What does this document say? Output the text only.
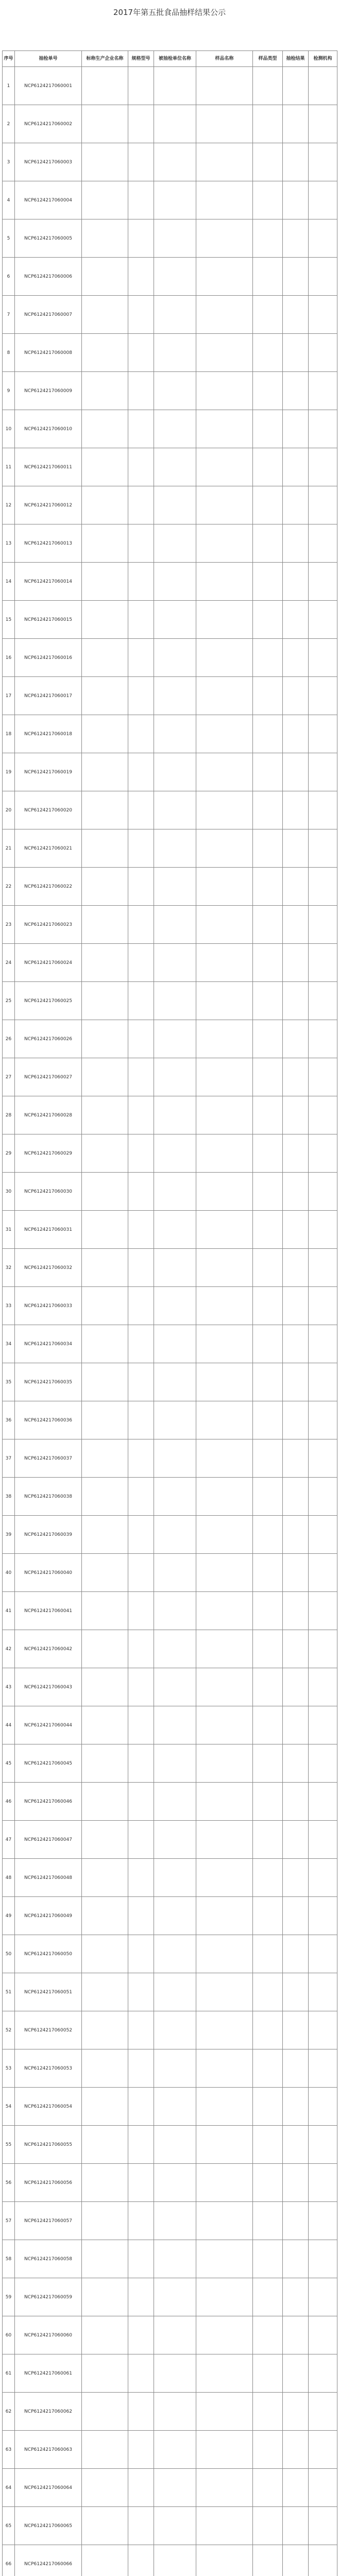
2017年第五批食品抽样结果公示
序号	抽检单号	标称生产企业名称	规格型号	被抽检单位名称	样品名称	样品类型	抽检结果	检测机构
1	NCP6124217060001							
2	NCP6124217060002							
3	NCP6124217060003							
4	NCP6124217060004							
5	NCP6124217060005							
6	NCP6124217060006							
7	NCP6124217060007							
8	NCP6124217060008							
9	NCP6124217060009							
10	NCP6124217060010							
11	NCP6124217060011							
12	NCP6124217060012							
13	NCP6124217060013							
14	NCP6124217060014							
15	NCP6124217060015							
16	NCP6124217060016							
17	NCP6124217060017							
18	NCP6124217060018							
19	NCP6124217060019							
20	NCP6124217060020							
21	NCP6124217060021							
22	NCP6124217060022							
23	NCP6124217060023							
24	NCP6124217060024							
25	NCP6124217060025							
26	NCP6124217060026							
27	NCP6124217060027							
28	NCP6124217060028							
29	NCP6124217060029							
30	NCP6124217060030							
31	NCP6124217060031							
32	NCP6124217060032							
33	NCP6124217060033							
34	NCP6124217060034							
35	NCP6124217060035							
36	NCP6124217060036							
37	NCP6124217060037							
38	NCP6124217060038							
39	NCP6124217060039							
40	NCP6124217060040							
41	NCP6124217060041							
42	NCP6124217060042							
43	NCP6124217060043							
44	NCP6124217060044							
45	NCP6124217060045							
46	NCP6124217060046							
47	NCP6124217060047							
48	NCP6124217060048							
49	NCP6124217060049							
50	NCP6124217060050							
51	NCP6124217060051							
52	NCP6124217060052							
53	NCP6124217060053							
54	NCP6124217060054							
55	NCP6124217060055							
56	NCP6124217060056							
57	NCP6124217060057							
58	NCP6124217060058							
59	NCP6124217060059							
60	NCP6124217060060							
61	NCP6124217060061							
62	NCP6124217060062							
63	NCP6124217060063							
64	NCP6124217060064							
65	NCP6124217060065							
66	NCP6124217060066							
